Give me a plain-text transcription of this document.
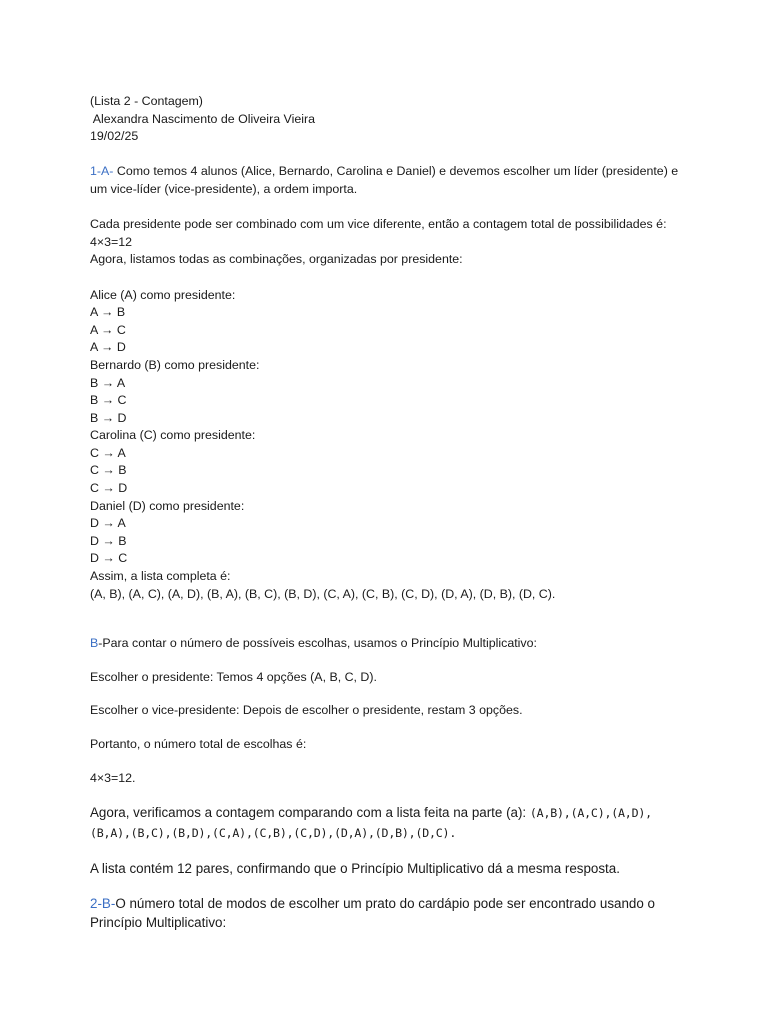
(Lista 2 - Contagem)
Alexandra Nascimento de Oliveira Vieira
19/02/25
1-A- Como temos 4 alunos (Alice, Bernardo, Carolina e Daniel) e devemos escolher um líder (presidente) e um vice-líder (vice-presidente), a ordem importa.
Cada presidente pode ser combinado com um vice diferente, então a contagem total de possibilidades é:
4×3=12
Agora, listamos todas as combinações, organizadas por presidente:
Alice (A) como presidente:
A → B
A → C
A → D
Bernardo (B) como presidente:
B → A
B → C
B → D
Carolina (C) como presidente:
C → A
C → B
C → D
Daniel (D) como presidente:
D → A
D → B
D → C
Assim, a lista completa é:
(A, B), (A, C), (A, D), (B, A), (B, C), (B, D), (C, A), (C, B), (C, D), (D, A), (D, B), (D, C).
B-Para contar o número de possíveis escolhas, usamos o Princípio Multiplicativo:
Escolher o presidente: Temos 4 opções (A, B, C, D).
Escolher o vice-presidente: Depois de escolher o presidente, restam 3 opções.
Portanto, o número total de escolhas é:
4×3=12.
Agora, verificamos a contagem comparando com a lista feita na parte (a): (A,B),(A,C),(A,D),(B,A),(B,C),(B,D),(C,A),(C,B),(C,D),(D,A),(D,B),(D,C).
A lista contém 12 pares, confirmando que o Princípio Multiplicativo dá a mesma resposta.
2-B-O número total de modos de escolher um prato do cardápio pode ser encontrado usando o Princípio Multiplicativo:
